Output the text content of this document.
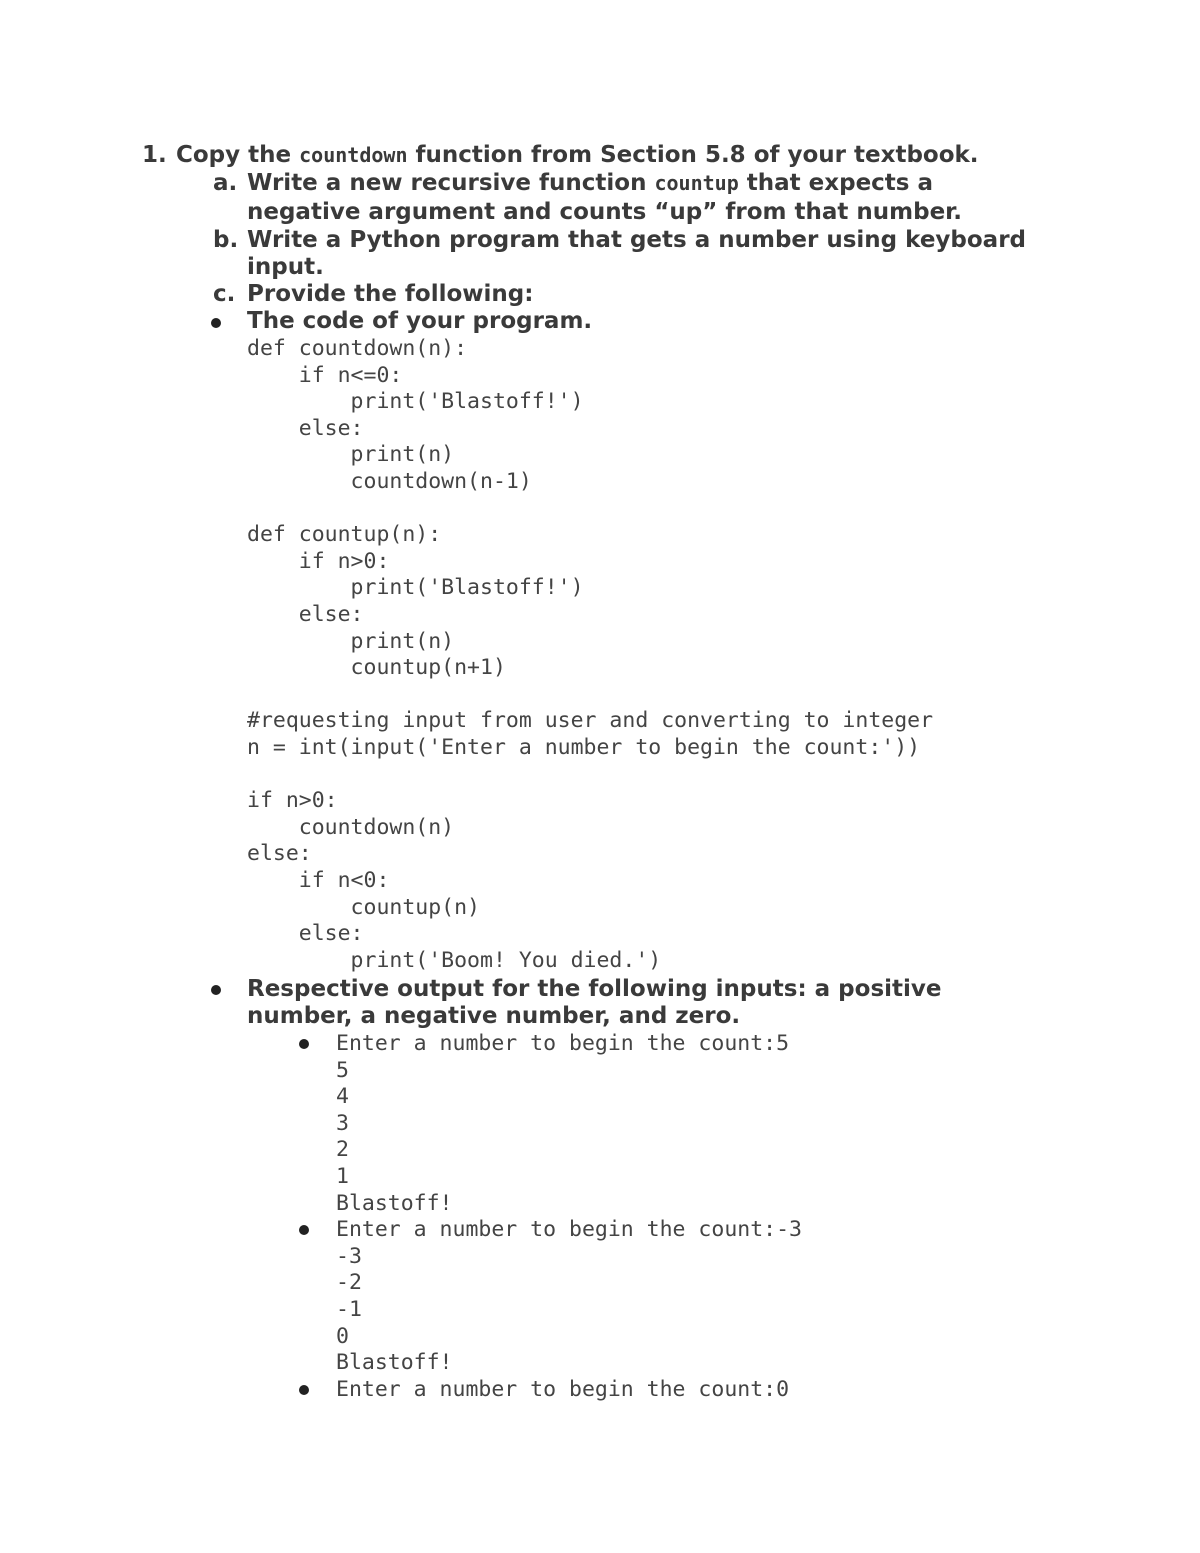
1. Copy the countdown function from Section 5.8 of your textbook.
a. Write a new recursive function countup that expects a
negative argument and counts “up” from that number.
b. Write a Python program that gets a number using keyboard
input.
c. Provide the following:
The code of your program.
def countdown(n):
if n<=0:
print('Blastoff!')
else:
print(n)
countdown(n-1)
def countup(n):
if n>0:
print('Blastoff!')
else:
print(n)
countup(n+1)
#requesting input from user and converting to integer
n = int(input('Enter a number to begin the count:'))
if n>0:
countdown(n)
else:
if n<0:
countup(n)
else:
print('Boom! You died.')
Respective output for the following inputs: a positive
number, a negative number, and zero.
Enter a number to begin the count:5
5
4
3
2
1
Blastoff!
Enter a number to begin the count:-3
-3
-2
-1
0
Blastoff!
Enter a number to begin the count:0
